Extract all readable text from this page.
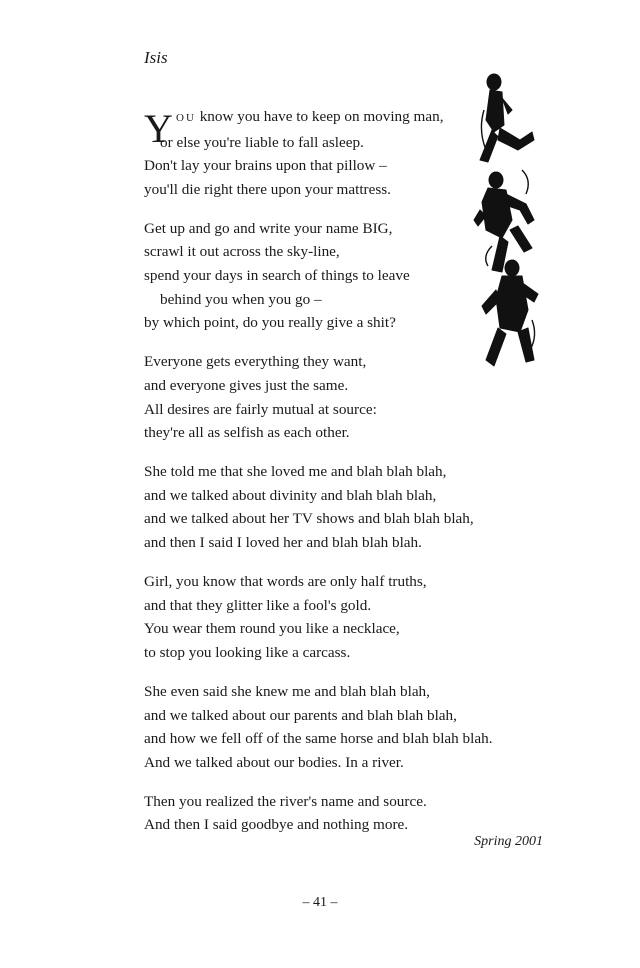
Isis
Y OU know you have to keep on moving man,
or else you're liable to fall asleep.
Don't lay your brains upon that pillow –
you'll die right there upon your mattress.
Get up and go and write your name BIG,
scrawl it out across the sky-line,
spend your days in search of things to leave
behind you when you go –
by which point, do you really give a shit?
Everyone gets everything they want,
and everyone gives just the same.
All desires are fairly mutual at source:
they're all as selfish as each other.
She told me that she loved me and blah blah blah,
and we talked about divinity and blah blah blah,
and we talked about her TV shows and blah blah blah,
and then I said I loved her and blah blah blah.
Girl, you know that words are only half truths,
and that they glitter like a fool's gold.
You wear them round you like a necklace,
to stop you looking like a carcass.
She even said she knew me and blah blah blah,
and we talked about our parents and blah blah blah,
and how we fell off of the same horse and blah blah blah.
And we talked about our bodies. In a river.
Then you realized the river's name and source.
And then I said goodbye and nothing more.
Spring 2001
– 41 –
